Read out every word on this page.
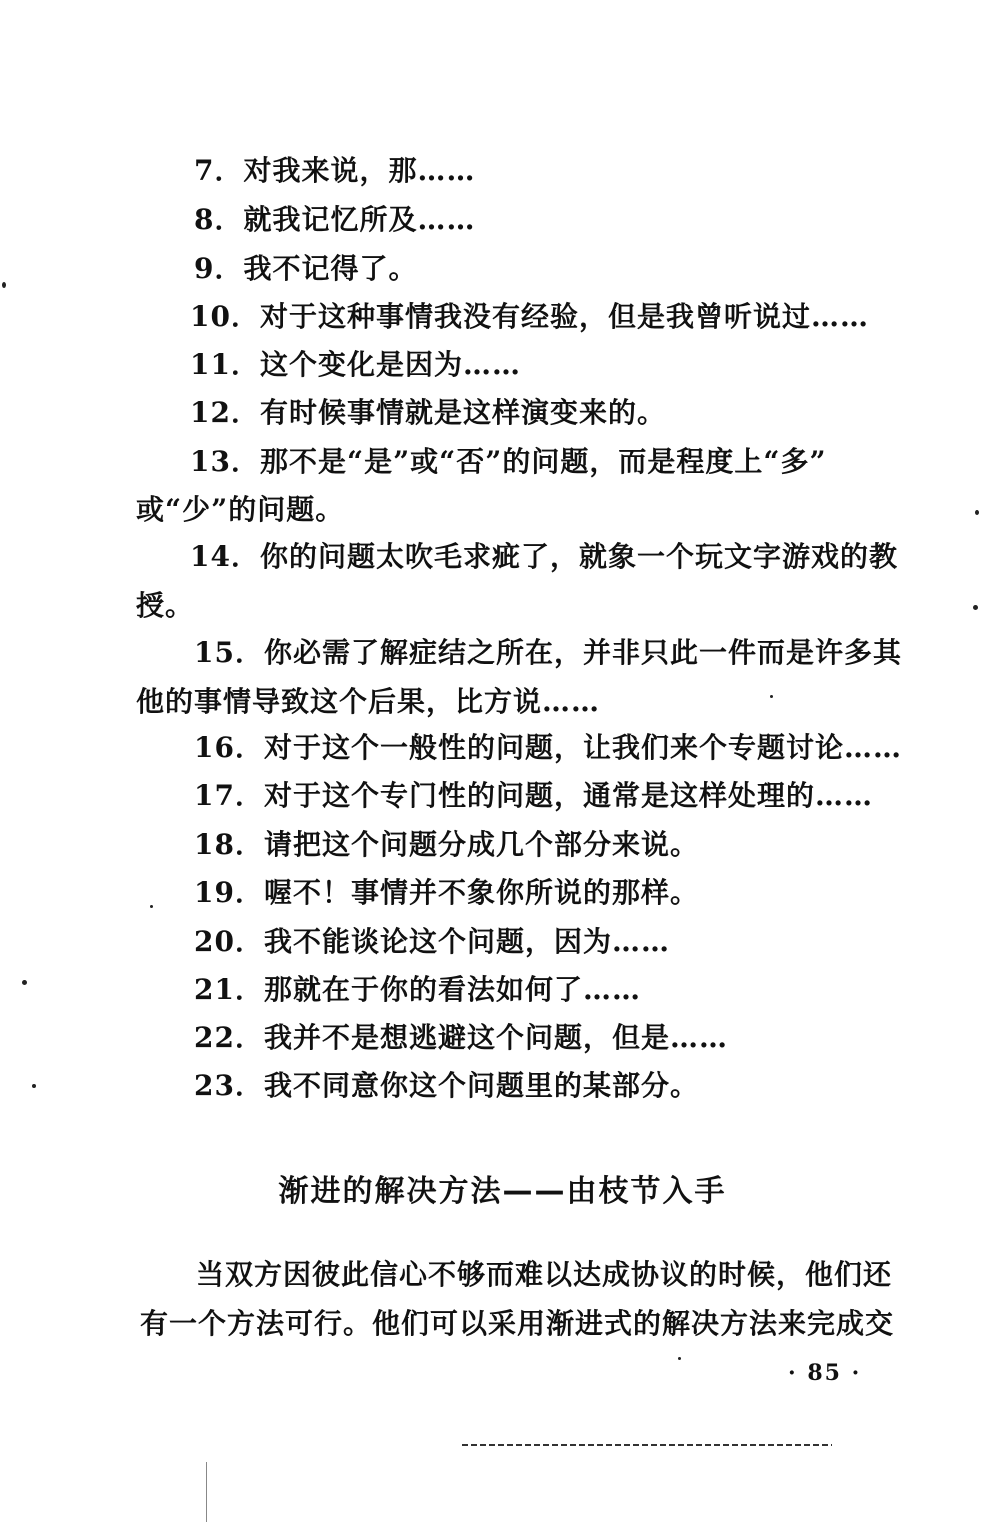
7．对我来说，那……
8．就我记忆所及……
9．我不记得了。
10．对于这种事情我没有经验，但是我曾听说过……
11．这个变化是因为……
12．有时候事情就是这样演变来的。
13．那不是“是”或“否”的问题，而是程度上“多”
或“少”的问题。
14．你的问题太吹毛求疵了，就象一个玩文字游戏的教
授。
15．你必需了解症结之所在，并非只此一件而是许多其
他的事情导致这个后果，比方说……
16．对于这个一般性的问题，让我们来个专题讨论……
17．对于这个专门性的问题，通常是这样处理的……
18．请把这个问题分成几个部分来说。
19．喔不！事情并不象你所说的那样。
20．我不能谈论这个问题，因为……
21．那就在于你的看法如何了……
22．我并不是想逃避这个问题，但是……
23．我不同意你这个问题里的某部分。
渐进的解决方法——由枝节入手
当双方因彼此信心不够而难以达成协议的时候，他们还
有一个方法可行。他们可以采用渐进式的解决方法来完成交
· 85 ·
